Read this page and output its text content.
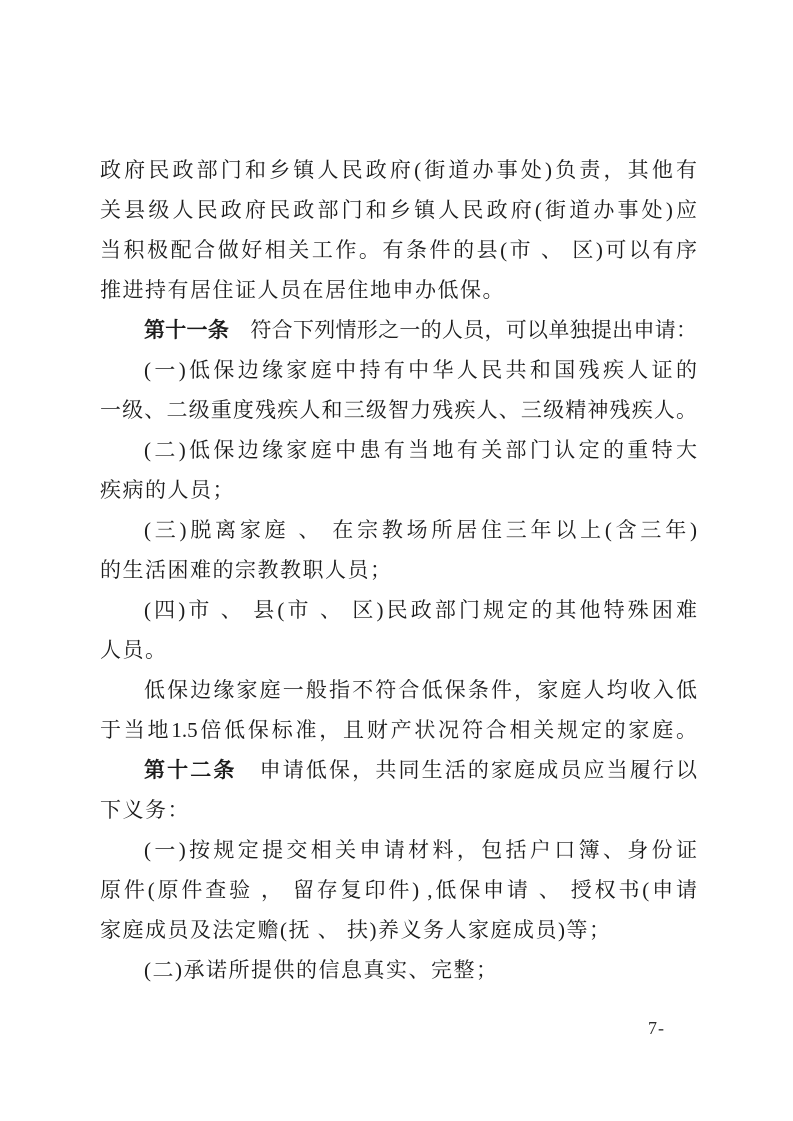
政府民政部门和乡镇人民政府(街道办事处)负责，其他有
关县级人民政府民政部门和乡镇人民政府(街道办事处)应
当积极配合做好相关工作。有条件的县(市 、 区)可以有序
推进持有居住证人员在居住地申办低保。
第十一条　符合下列情形之一的人员，可以单独提出申请：
(一)低保边缘家庭中持有中华人民共和国残疾人证的
一级、二级重度残疾人和三级智力残疾人、三级精神残疾人。
(二)低保边缘家庭中患有当地有关部门认定的重特大
疾病的人员；
(三)脱离家庭 、 在宗教场所居住三年以上(含三年)
的生活困难的宗教教职人员；
(四)市 、 县(市 、 区)民政部门规定的其他特殊困难
人员。
低保边缘家庭一般指不符合低保条件，家庭人均收入低
于当地1.5倍低保标准，且财产状况符合相关规定的家庭。
第十二条　申请低保，共同生活的家庭成员应当履行以
下义务：
(一)按规定提交相关申请材料，包括户口簿、身份证
原件(原件查验 ， 留存复印件) ,低保申请 、 授权书(申请
家庭成员及法定赡(抚 、 扶)养义务人家庭成员)等；
(二)承诺所提供的信息真实、完整；
7-
